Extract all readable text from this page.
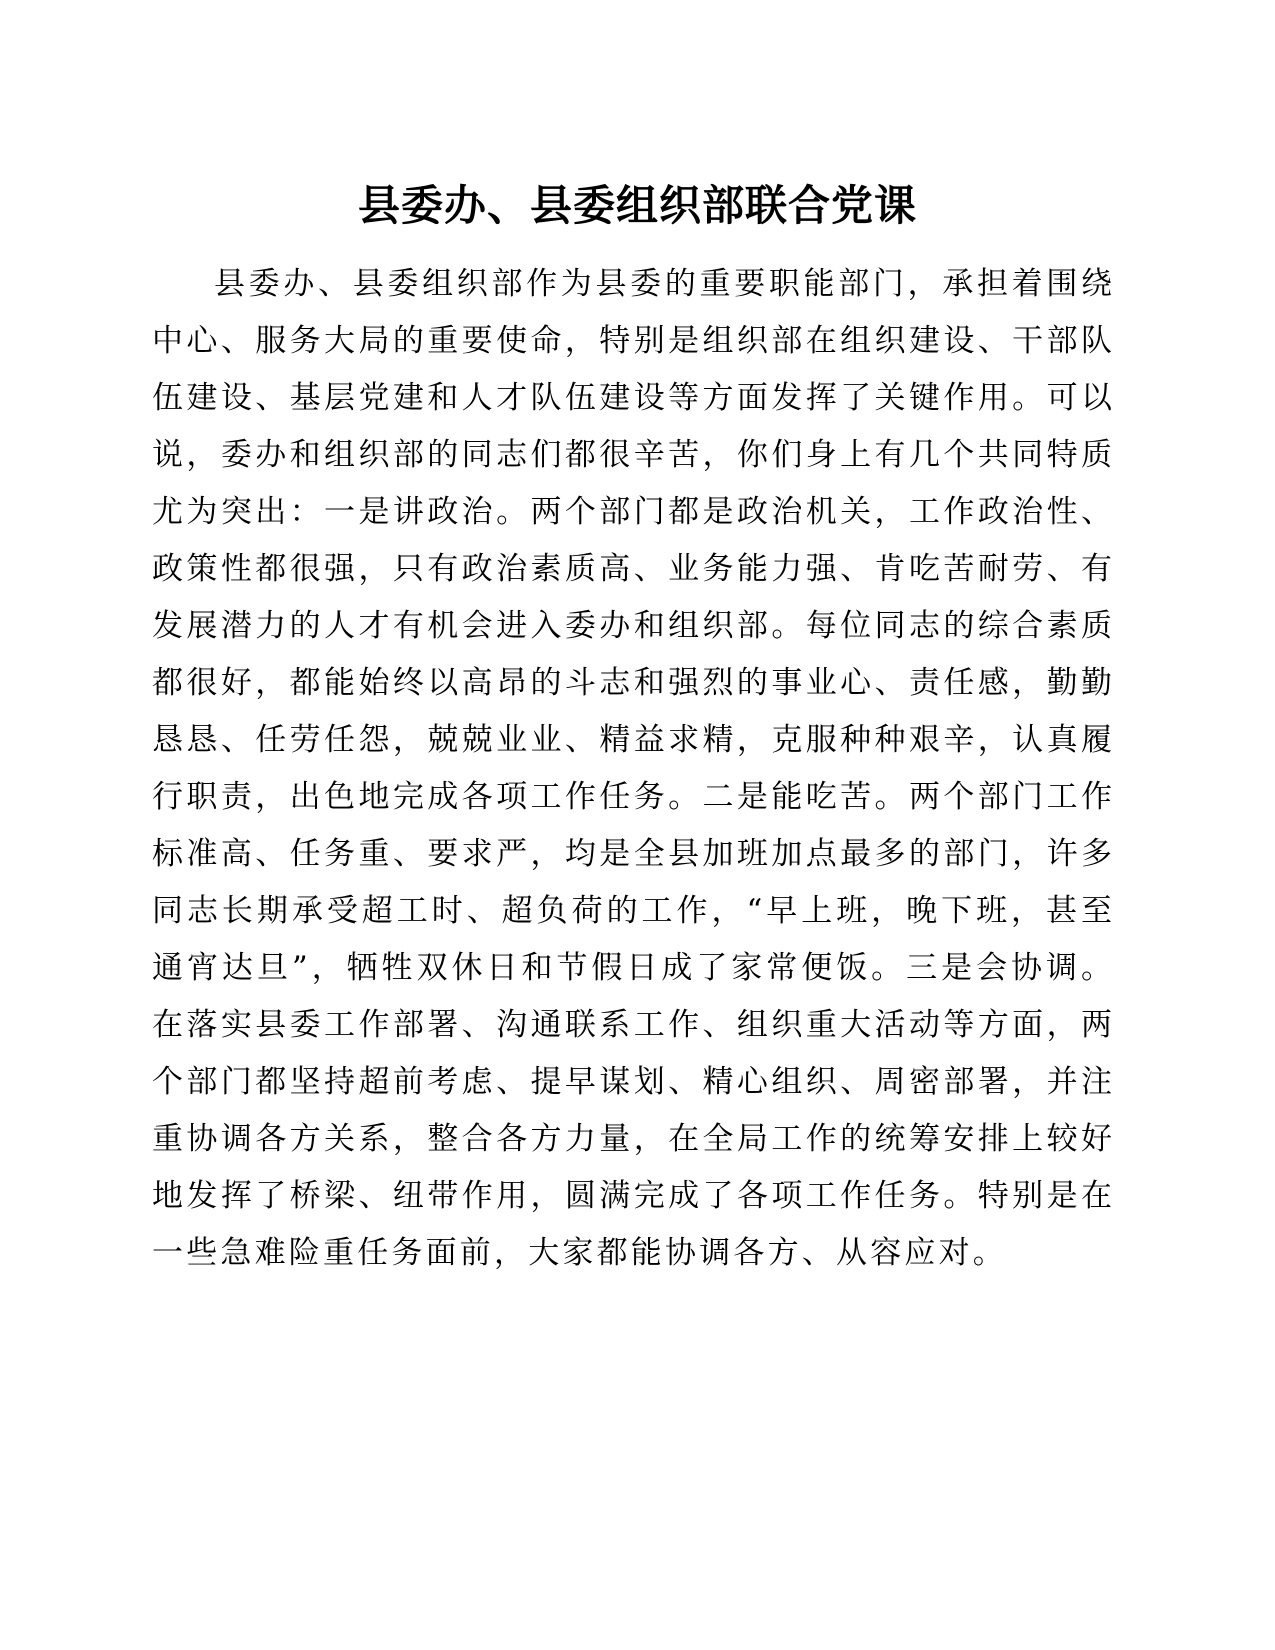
县委办、县委组织部联合党课
县委办、县委组织部作为县委的重要职能部门，承担着围绕
中心、服务大局的重要使命，特别是组织部在组织建设、干部队
伍建设、基层党建和人才队伍建设等方面发挥了关键作用。可以
说，委办和组织部的同志们都很辛苦，你们身上有几个共同特质
尤为突出：一是讲政治。两个部门都是政治机关，工作政治性、
政策性都很强，只有政治素质高、业务能力强、肯吃苦耐劳、有
发展潜力的人才有机会进入委办和组织部。每位同志的综合素质
都很好，都能始终以高昂的斗志和强烈的事业心、责任感，勤勤
恳恳、任劳任怨，兢兢业业、精益求精，克服种种艰辛，认真履
行职责，出色地完成各项工作任务。二是能吃苦。两个部门工作
标准高、任务重、要求严，均是全县加班加点最多的部门，许多
同志长期承受超工时、超负荷的工作，“早上班，晚下班，甚至
通宵达旦”，牺牲双休日和节假日成了家常便饭。三是会协调。
在落实县委工作部署、沟通联系工作、组织重大活动等方面，两
个部门都坚持超前考虑、提早谋划、精心组织、周密部署，并注
重协调各方关系，整合各方力量，在全局工作的统筹安排上较好
地发挥了桥梁、纽带作用，圆满完成了各项工作任务。特别是在
一些急难险重任务面前，大家都能协调各方、从容应对。
